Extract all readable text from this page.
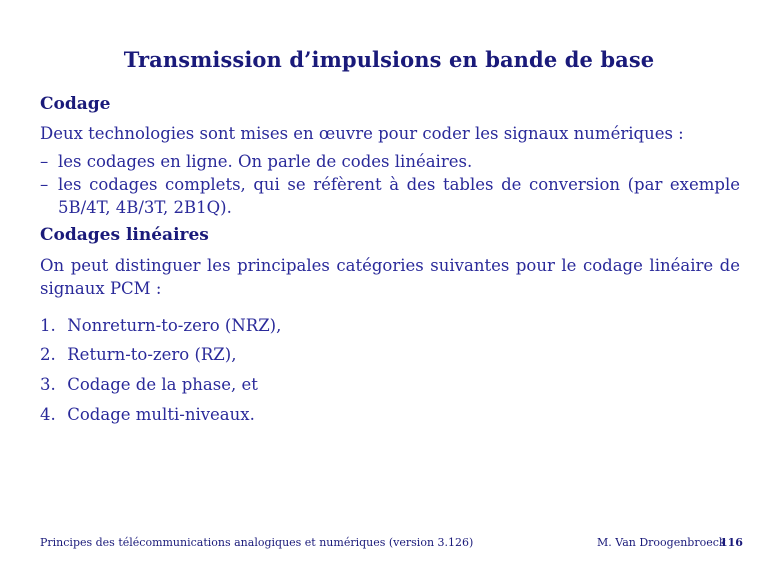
Transmission d’impulsions en bande de base
Codage
Deux technologies sont mises en œuvre pour coder les signaux numériques :
– les codages en ligne. On parle de codes linéaires.
– les codages complets, qui se réfèrent à des tables de conversion (par exemple 5B/4T, 4B/3T, 2B1Q).
Codages linéaires
On peut distinguer les principales catégories suivantes pour le codage linéaire de signaux PCM :
1. Nonreturn-to-zero (NRZ),
2. Return-to-zero (RZ),
3. Codage de la phase, et
4. Codage multi-niveaux.
Principes des télécommunications analogiques et numériques (version 3.126)	M. Van Droogenbroeck
116
